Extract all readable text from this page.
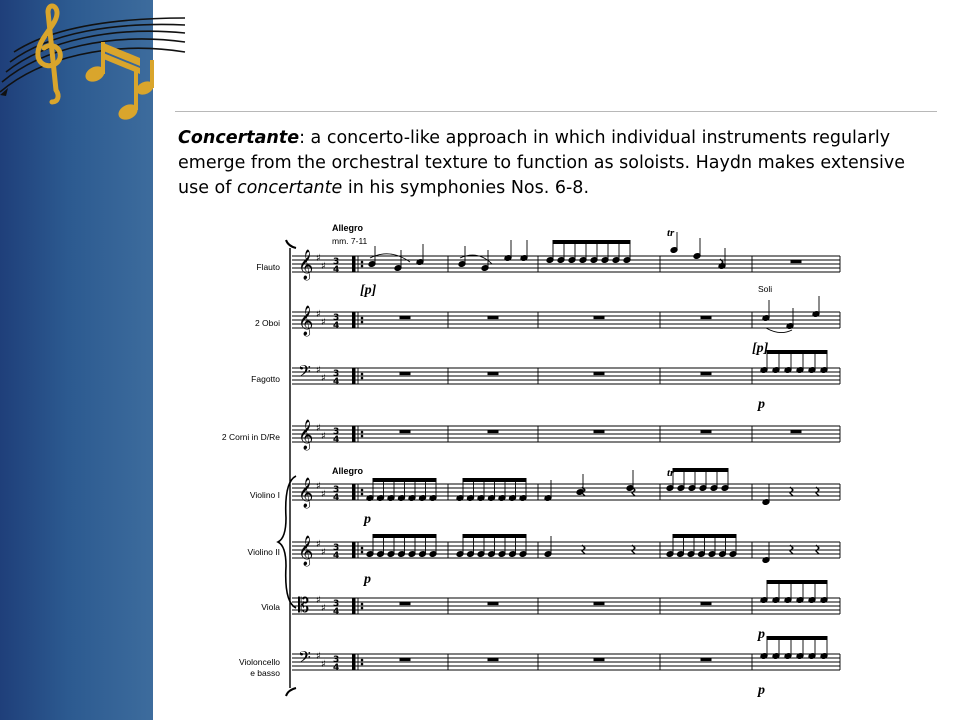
Concertante: a concerto-like approach in which individual instruments regularly emerge from the orchestral texture to function as soloists. Haydn makes extensive use of concertante in his symphonies Nos. 6-8.
𝄞 ♯
♯ 3
4
𝄞 ♯
♯ 3
4
𝄢 ♯
♯ 3
4
𝄞 ♯
♯ 3
4
𝄞 ♯
♯ 3
4
𝄞 ♯
♯ 3
4
𝄡 ♯
♯ 3
4
𝄢 ♯
♯ 3
4
Allegro
mm. 7-11
Allegro
tr
tr
Soli
[p]
[p]
p
p
p
p
p
Flauto
2 Oboi
Fagotto
2 Corni in D/Re
Violino I
Violino II
Viola
Violoncello
e basso
